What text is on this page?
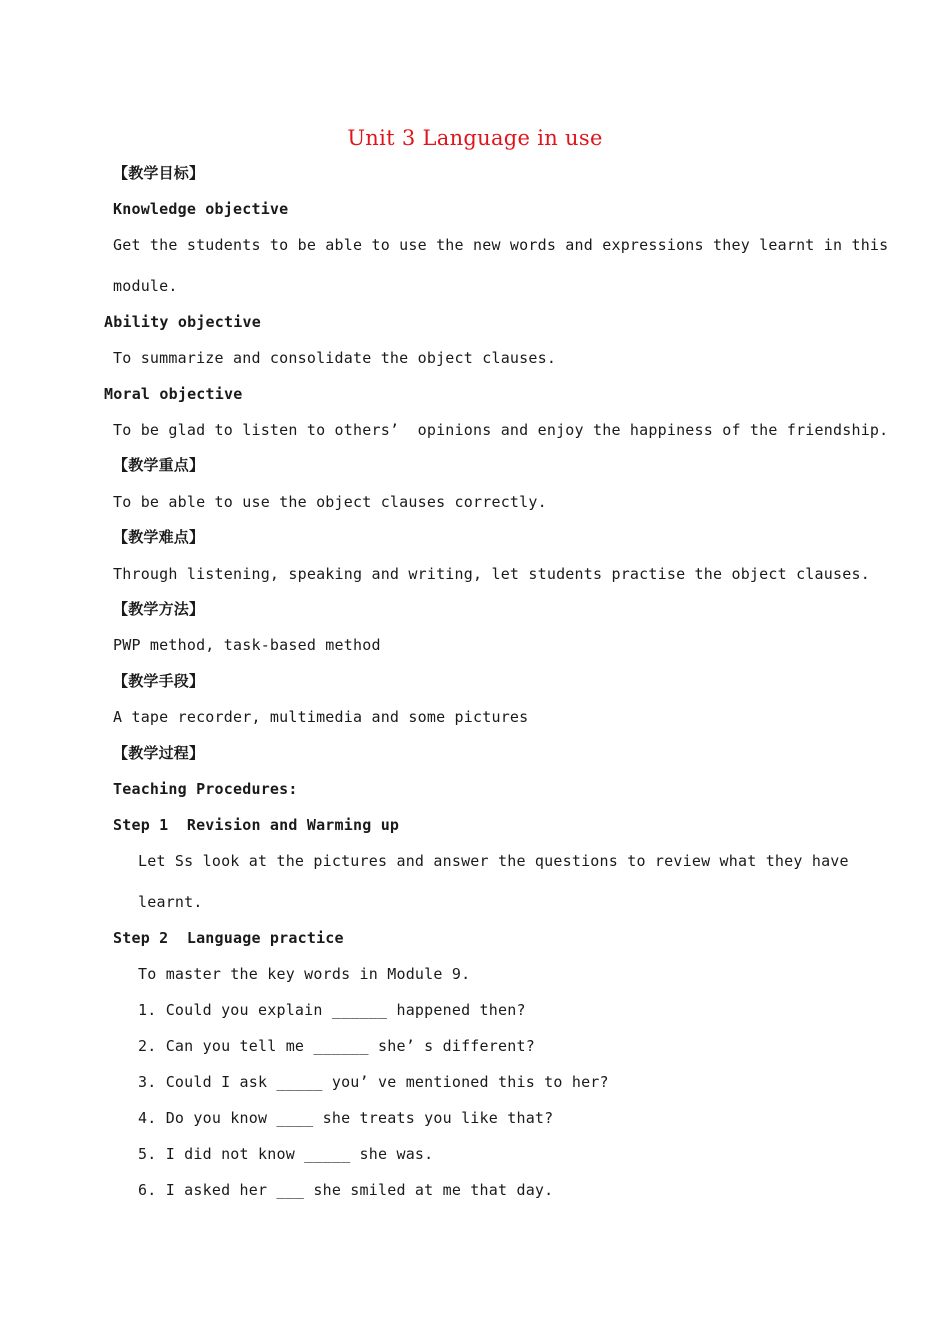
Unit 3 Language in use
【教学目标】
Knowledge objective
Get the students to be able to use the new words and expressions they learnt in this
module.
Ability objective
To summarize and consolidate the object clauses.
Moral objective
To be glad to listen to others’  opinions and enjoy the happiness of the friendship.
【教学重点】
To be able to use the object clauses correctly.
【教学难点】
Through listening, speaking and writing, let students practise the object clauses.
【教学方法】
PWP method, task-based method
【教学手段】
A tape recorder, multimedia and some pictures
【教学过程】
Teaching Procedures:
Step 1  Revision and Warming up
Let Ss look at the pictures and answer the questions to review what they have
learnt.
Step 2  Language practice
To master the key words in Module 9.
1. Could you explain ______ happened then?
2. Can you tell me ______ she’ s different?
3. Could I ask _____ you’ ve mentioned this to her?
4. Do you know ____ she treats you like that?
5. I did not know _____ she was.
6. I asked her ___ she smiled at me that day.
